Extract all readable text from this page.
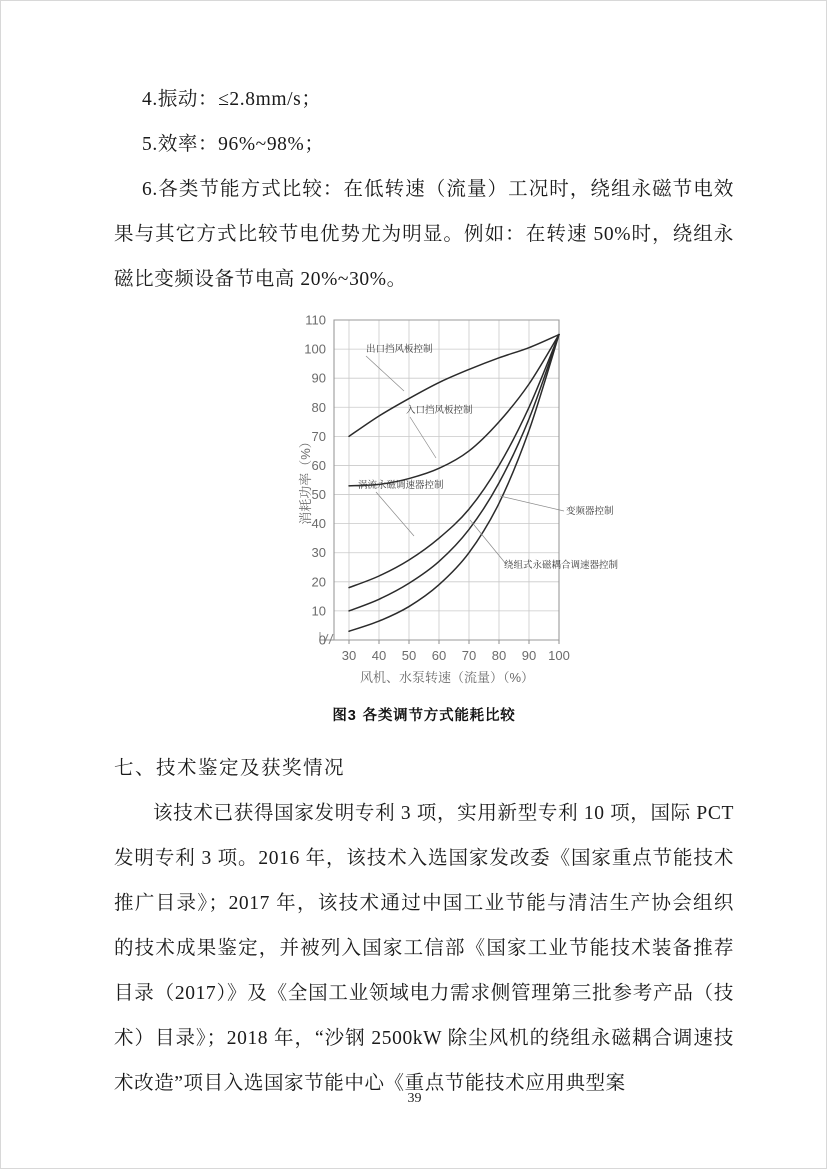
4.振动：≤2.8mm/s；

5.效率：96%~98%；

6.各类节能方式比较：在低转速（流量）工况时，绕组永磁节电效果与其它方式比较节电优势尤为明显。例如：在转速 50%时，绕组永磁比变频设备节电高 20%~30%。

0
10
20
30
40
50
60
70
80
90
100
110
30 40 50 60 70 80 90 100
出口挡风板控制
入口挡风板控制
涡流永磁调速器控制
变频器控制
绕组式永磁耦合调速器控制
消耗功率（%）
风机、水泵转速（流量）（%）
图3 各类调节方式能耗比较

七、技术鉴定及获奖情况

该技术已获得国家发明专利 3 项，实用新型专利 10 项，国际 PCT 发明专利 3 项。2016 年，该技术入选国家发改委《国家重点节能技术推广目录》；2017 年，该技术通过中国工业节能与清洁生产协会组织的技术成果鉴定，并被列入国家工信部《国家工业节能技术装备推荐目录（2017）》及《全国工业领域电力需求侧管理第三批参考产品（技术）目录》；2018 年，“沙钢 2500kW 除尘风机的绕组永磁耦合调速技术改造”项目入选国家节能中心《重点节能技术应用典型案

39
